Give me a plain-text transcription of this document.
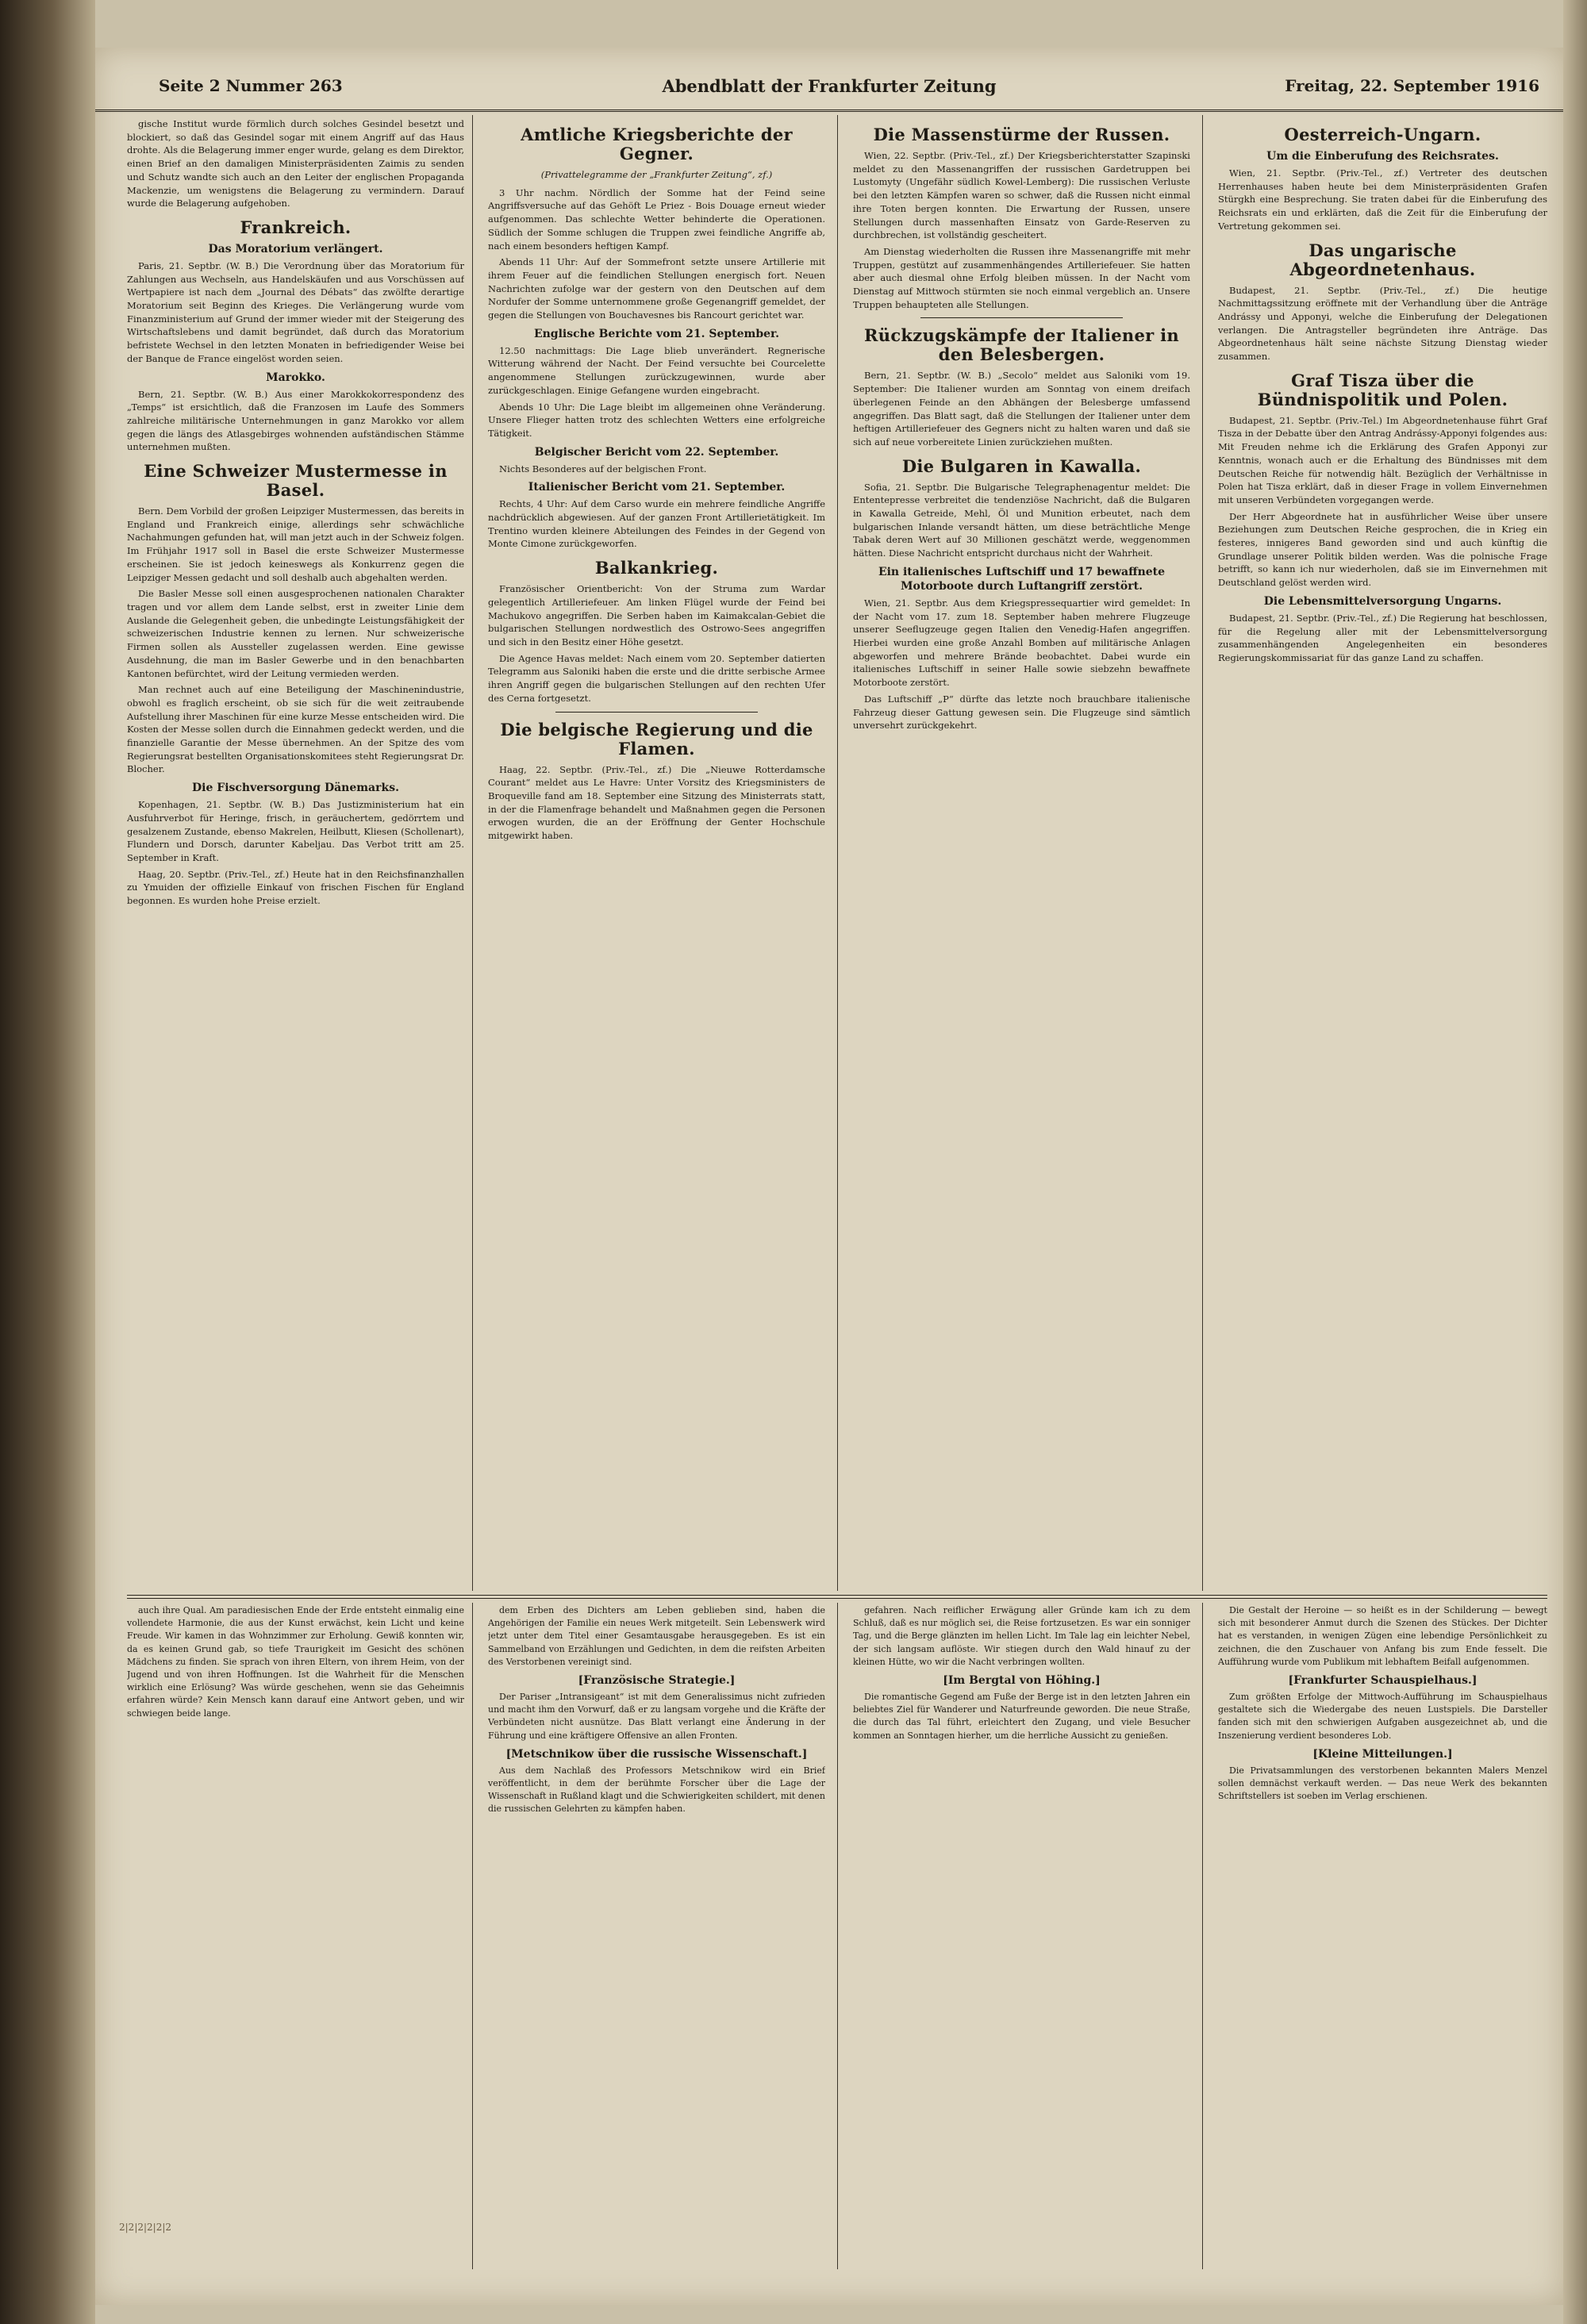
Seite 2 Nummer 263	Abendblatt der Frankfurter Zeitung	Freitag, 22. September 1916

gische Institut wurde förmlich durch solches Gesindel besetzt und blockiert, so daß das Gesindel sogar mit einem Angriff auf das Haus drohte. Als die Belagerung immer enger wurde, gelang es dem Direktor, einen Brief an den damaligen Ministerpräsidenten Zaimis zu senden und Schutz wandte sich auch an den Leiter der englischen Propaganda Mackenzie, um wenigstens die Belagerung zu vermindern. Darauf wurde die Belagerung aufgehoben.

Frankreich.
Das Moratorium verlängert.

Paris, 21. Septbr. (W. B.) Die Verordnung über das Moratorium für Zahlungen aus Wechseln, aus Handelskäufen und aus Vorschüssen auf Wertpapiere ist nach dem „Journal des Débats“ das zwölfte derartige Moratorium seit Beginn des Krieges. Die Verlängerung wurde vom Finanzministerium auf Grund der immer wieder mit der Steigerung des Wirtschaftslebens und damit begründet, daß durch das Moratorium befristete Wechsel in den letzten Monaten in befriedigender Weise bei der Banque de France eingelöst worden seien.

Marokko.

Bern, 21. Septbr. (W. B.) Aus einer Marokkokorrespondenz des „Temps“ ist ersichtlich, daß die Franzosen im Laufe des Sommers zahlreiche militärische Unternehmungen in ganz Marokko vor allem gegen die längs des Atlasgebirges wohnenden aufständischen Stämme unternehmen mußten.

Eine Schweizer Mustermesse in Basel.

Bern. Dem Vorbild der großen Leipziger Mustermessen, das bereits in England und Frankreich einige, allerdings sehr schwächliche Nachahmungen gefunden hat, will man jetzt auch in der Schweiz folgen. Im Frühjahr 1917 soll in Basel die erste Schweizer Mustermesse erscheinen. Sie ist jedoch keineswegs als Konkurrenz gegen die Leipziger Messen gedacht und soll deshalb auch abgehalten werden.

Die Basler Messe soll einen ausgesprochenen nationalen Charakter tragen und vor allem dem Lande selbst, erst in zweiter Linie dem Auslande die Gelegenheit geben, die unbedingte Leistungsfähigkeit der schweizerischen Industrie kennen zu lernen. Nur schweizerische Firmen sollen als Aussteller zugelassen werden. Eine gewisse Ausdehnung, die man im Basler Gewerbe und in den benachbarten Kantonen befürchtet, wird der Leitung vermieden werden.

Man rechnet auch auf eine Beteiligung der Maschinenindustrie, obwohl es fraglich erscheint, ob sie sich für die weit zeitraubende Aufstellung ihrer Maschinen für eine kurze Messe entscheiden wird. Die Kosten der Messe sollen durch die Einnahmen gedeckt werden, und die finanzielle Garantie der Messe übernehmen. An der Spitze des vom Regierungsrat bestellten Organisationskomitees steht Regierungsrat Dr. Blocher.

Die Fischversorgung Dänemarks.

Kopenhagen, 21. Septbr. (W. B.) Das Justizministerium hat ein Ausfuhrverbot für Heringe, frisch, in geräuchertem, gedörrtem und gesalzenem Zustande, ebenso Makrelen, Heilbutt, Kliesen (Schollenart), Flundern und Dorsch, darunter Kabeljau. Das Verbot tritt am 25. September in Kraft.

Haag, 20. Septbr. (Priv.-Tel., zf.) Heute hat in den Reichsfinanzhallen zu Ymuiden der offizielle Einkauf von frischen Fischen für England begonnen. Es wurden hohe Preise erzielt.

Amtliche Kriegsberichte der Gegner.
(Privattelegramme der „Frankfurter Zeitung“, zf.)

3 Uhr nachm. Nördlich der Somme hat der Feind seine Angriffsversuche auf das Gehöft Le Priez - Bois Douage erneut wieder aufgenommen. Das schlechte Wetter behinderte die Operationen. Südlich der Somme schlugen die Truppen zwei feindliche Angriffe ab, nach einem besonders heftigen Kampf.

Abends 11 Uhr: Auf der Sommefront setzte unsere Artillerie mit ihrem Feuer auf die feindlichen Stellungen energisch fort. Neuen Nachrichten zufolge war der gestern von den Deutschen auf dem Nordufer der Somme unternommene große Gegenangriff gemeldet, der gegen die Stellungen von Bouchavesnes bis Rancourt gerichtet war.

Englische Berichte vom 21. September.

12.50 nachmittags: Die Lage blieb unverändert. Regnerische Witterung während der Nacht. Der Feind versuchte bei Courcelette angenommene Stellungen zurückzugewinnen, wurde aber zurückgeschlagen. Einige Gefangene wurden eingebracht.

Abends 10 Uhr: Die Lage bleibt im allgemeinen ohne Veränderung. Unsere Flieger hatten trotz des schlechten Wetters eine erfolgreiche Tätigkeit.

Belgischer Bericht vom 22. September.

Nichts Besonderes auf der belgischen Front.

Italienischer Bericht vom 21. September.

Rechts, 4 Uhr: Auf dem Carso wurde ein mehrere feindliche Angriffe nachdrücklich abgewiesen. Auf der ganzen Front Artillerietätigkeit. Im Trentino wurden kleinere Abteilungen des Feindes in der Gegend von Monte Cimone zurückgeworfen.

Balkankrieg.

Französischer Orientbericht: Von der Struma zum Wardar gelegentlich Artilleriefeuer. Am linken Flügel wurde der Feind bei Machukovo angegriffen. Die Serben haben im Kaimakcalan-Gebiet die bulgarischen Stellungen nordwestlich des Ostrowo-Sees angegriffen und sich in den Besitz einer Höhe gesetzt.

Die Agence Havas meldet: Nach einem vom 20. September datierten Telegramm aus Saloniki haben die erste und die dritte serbische Armee ihren Angriff gegen die bulgarischen Stellungen auf den rechten Ufer des Cerna fortgesetzt.

Die belgische Regierung und die Flamen.

Haag, 22. Septbr. (Priv.-Tel., zf.) Die „Nieuwe Rotterdamsche Courant“ meldet aus Le Havre: Unter Vorsitz des Kriegsministers de Broqueville fand am 18. September eine Sitzung des Ministerrats statt, in der die Flamenfrage behandelt und Maßnahmen gegen die Personen erwogen wurden, die an der Eröffnung der Genter Hochschule mitgewirkt haben.

Die Massenstürme der Russen.

Wien, 22. Septbr. (Priv.-Tel., zf.) Der Kriegsberichterstatter Szapinski meldet zu den Massenangriffen der russischen Gardetruppen bei Lustomyty (Ungefähr südlich Kowel-Lemberg): Die russischen Verluste bei den letzten Kämpfen waren so schwer, daß die Russen nicht einmal ihre Toten bergen konnten. Die Erwartung der Russen, unsere Stellungen durch massenhaften Einsatz von Garde-Reserven zu durchbrechen, ist vollständig gescheitert.

Am Dienstag wiederholten die Russen ihre Massenangriffe mit mehr Truppen, gestützt auf zusammenhängendes Artilleriefeuer. Sie hatten aber auch diesmal ohne Erfolg bleiben müssen. In der Nacht vom Dienstag auf Mittwoch stürmten sie noch einmal vergeblich an. Unsere Truppen behaupteten alle Stellungen.

Rückzugskämpfe der Italiener in den Belesbergen.

Bern, 21. Septbr. (W. B.) „Secolo“ meldet aus Saloniki vom 19. September: Die Italiener wurden am Sonntag von einem dreifach überlegenen Feinde an den Abhängen der Belesberge umfassend angegriffen. Das Blatt sagt, daß die Stellungen der Italiener unter dem heftigen Artilleriefeuer des Gegners nicht zu halten waren und daß sie sich auf neue vorbereitete Linien zurückziehen mußten.

Die Bulgaren in Kawalla.

Sofia, 21. Septbr. Die Bulgarische Telegraphenagentur meldet: Die Ententepresse verbreitet die tendenziöse Nachricht, daß die Bulgaren in Kawalla Getreide, Mehl, Öl und Munition erbeutet, nach dem bulgarischen Inlande versandt hätten, um diese beträchtliche Menge Tabak deren Wert auf 30 Millionen geschätzt werde, weggenommen hätten. Diese Nachricht entspricht durchaus nicht der Wahrheit.

Ein italienisches Luftschiff und 17 bewaffnete Motorboote durch Luftangriff zerstört.

Wien, 21. Septbr. Aus dem Kriegspressequartier wird gemeldet: In der Nacht vom 17. zum 18. September haben mehrere Flugzeuge unserer Seeflugzeuge gegen Italien den Venedig-Hafen angegriffen. Hierbei wurden eine große Anzahl Bomben auf militärische Anlagen abgeworfen und mehrere Brände beobachtet. Dabei wurde ein italienisches Luftschiff in seiner Halle sowie siebzehn bewaffnete Motorboote zerstört.

Das Luftschiff „P“ dürfte das letzte noch brauchbare italienische Fahrzeug dieser Gattung gewesen sein. Die Flugzeuge sind sämtlich unversehrt zurückgekehrt.

Oesterreich-Ungarn.
Um die Einberufung des Reichsrates.

Wien, 21. Septbr. (Priv.-Tel., zf.) Vertreter des deutschen Herrenhauses haben heute bei dem Ministerpräsidenten Grafen Stürgkh eine Besprechung. Sie traten dabei für die Einberufung des Reichsrats ein und erklärten, daß die Zeit für die Einberufung der Vertretung gekommen sei.

Das ungarische Abgeordnetenhaus.

Budapest, 21. Septbr. (Priv.-Tel., zf.) Die heutige Nachmittagssitzung eröffnete mit der Verhandlung über die Anträge Andrássy und Apponyi, welche die Einberufung der Delegationen verlangen. Die Antragsteller begründeten ihre Anträge. Das Abgeordnetenhaus hält seine nächste Sitzung Dienstag wieder zusammen.

Graf Tisza über die Bündnispolitik und Polen.

Budapest, 21. Septbr. (Priv.-Tel.) Im Abgeordnetenhause führt Graf Tisza in der Debatte über den Antrag Andrássy-Apponyi folgendes aus: Mit Freuden nehme ich die Erklärung des Grafen Apponyi zur Kenntnis, wonach auch er die Erhaltung des Bündnisses mit dem Deutschen Reiche für notwendig hält. Bezüglich der Verhältnisse in Polen hat Tisza erklärt, daß in dieser Frage in vollem Einvernehmen mit unseren Verbündeten vorgegangen werde.

Der Herr Abgeordnete hat in ausführlicher Weise über unsere Beziehungen zum Deutschen Reiche gesprochen, die in Krieg ein festeres, innigeres Band geworden sind und auch künftig die Grundlage unserer Politik bilden werden. Was die polnische Frage betrifft, so kann ich nur wiederholen, daß sie im Einvernehmen mit Deutschland gelöst werden wird.

Die Lebensmittelversorgung Ungarns.

Budapest, 21. Septbr. (Priv.-Tel., zf.) Die Regierung hat beschlossen, für die Regelung aller mit der Lebensmittelversorgung zusammenhängenden Angelegenheiten ein besonderes Regierungskommissariat für das ganze Land zu schaffen.

auch ihre Qual. Am paradiesischen Ende der Erde entsteht einmalig eine vollendete Harmonie, die aus der Kunst erwächst, kein Licht und keine Freude. Wir kamen in das Wohnzimmer zur Erholung. Gewiß konnten wir, da es keinen Grund gab, so tiefe Traurigkeit im Gesicht des schönen Mädchens zu finden. Sie sprach von ihren Eltern, von ihrem Heim, von der Jugend und von ihren Hoffnungen. Ist die Wahrheit für die Menschen wirklich eine Erlösung? Was würde geschehen, wenn sie das Geheimnis erfahren würde? Kein Mensch kann darauf eine Antwort geben, und wir schwiegen beide lange.

dem Erben des Dichters am Leben geblieben sind, haben die Angehörigen der Familie ein neues Werk mitgeteilt. Sein Lebenswerk wird jetzt unter dem Titel einer Gesamtausgabe herausgegeben. Es ist ein Sammelband von Erzählungen und Gedichten, in dem die reifsten Arbeiten des Verstorbenen vereinigt sind.

[Französische Strategie.]

Der Pariser „Intransigeant“ ist mit dem Generalissimus nicht zufrieden und macht ihm den Vorwurf, daß er zu langsam vorgehe und die Kräfte der Verbündeten nicht ausnütze. Das Blatt verlangt eine Änderung in der Führung und eine kräftigere Offensive an allen Fronten.

[Metschnikow über die russische Wissenschaft.]

Aus dem Nachlaß des Professors Metschnikow wird ein Brief veröffentlicht, in dem der berühmte Forscher über die Lage der Wissenschaft in Rußland klagt und die Schwierigkeiten schildert, mit denen die russischen Gelehrten zu kämpfen haben.

gefahren. Nach reiflicher Erwägung aller Gründe kam ich zu dem Schluß, daß es nur möglich sei, die Reise fortzusetzen. Es war ein sonniger Tag, und die Berge glänzten im hellen Licht. Im Tale lag ein leichter Nebel, der sich langsam auflöste. Wir stiegen durch den Wald hinauf zu der kleinen Hütte, wo wir die Nacht verbringen wollten.

[Im Bergtal von Höhing.]

Die romantische Gegend am Fuße der Berge ist in den letzten Jahren ein beliebtes Ziel für Wanderer und Naturfreunde geworden. Die neue Straße, die durch das Tal führt, erleichtert den Zugang, und viele Besucher kommen an Sonntagen hierher, um die herrliche Aussicht zu genießen.

Die Gestalt der Heroine — so heißt es in der Schilderung — bewegt sich mit besonderer Anmut durch die Szenen des Stückes. Der Dichter hat es verstanden, in wenigen Zügen eine lebendige Persönlichkeit zu zeichnen, die den Zuschauer von Anfang bis zum Ende fesselt. Die Aufführung wurde vom Publikum mit lebhaftem Beifall aufgenommen.

[Frankfurter Schauspielhaus.]

Zum größten Erfolge der Mittwoch-Aufführung im Schauspielhaus gestaltete sich die Wiedergabe des neuen Lustspiels. Die Darsteller fanden sich mit den schwierigen Aufgaben ausgezeichnet ab, und die Inszenierung verdient besonderes Lob.

[Kleine Mitteilungen.]

Die Privatsammlungen des verstorbenen bekannten Malers Menzel sollen demnächst verkauft werden. — Das neue Werk des bekannten Schriftstellers ist soeben im Verlag erschienen.

2|2|2|2|2|2
